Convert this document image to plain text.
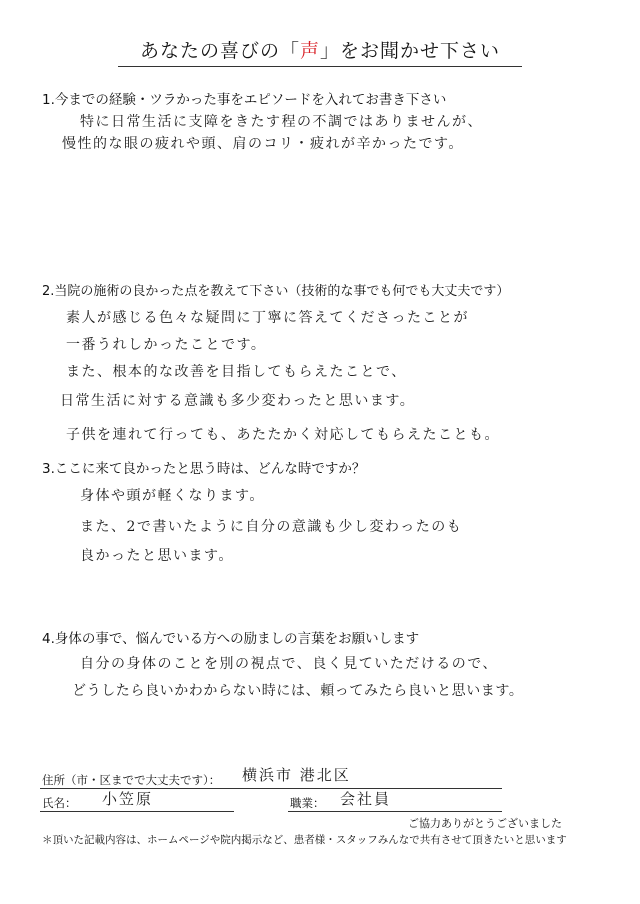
あなたの喜びの「声」をお聞かせ下さい
1.今までの経験・ツラかった事をエピソードを入れてお書き下さい
特に日常生活に支障をきたす程の不調ではありませんが、
慢性的な眼の疲れや頭、肩のコリ・疲れが辛かったです。
2.当院の施術の良かった点を教えて下さい（技術的な事でも何でも大丈夫です）
素人が感じる色々な疑問に丁寧に答えてくださったことが
一番うれしかったことです。
また、根本的な改善を目指してもらえたことで、
日常生活に対する意識も多少変わったと思います。
子供を連れて行っても、あたたかく対応してもらえたことも。
3.ここに来て良かったと思う時は、どんな時ですか？
身体や頭が軽くなります。
また、2で書いたように自分の意識も少し変わったのも
良かったと思います。
4.身体の事で、悩んでいる方への励ましの言葉をお願いします
自分の身体のことを別の視点で、良く見ていただけるので、
どうしたら良いかわからない時には、頼ってみたら良いと思います。
住所（市・区までで大丈夫です）： 横浜市 港北区
氏名： 小笠原	職業： 会社員
ご協力ありがとうございました
＊頂いた記載内容は、ホームページや院内掲示など、患者様・スタッフみんなで共有させて頂きたいと思います
